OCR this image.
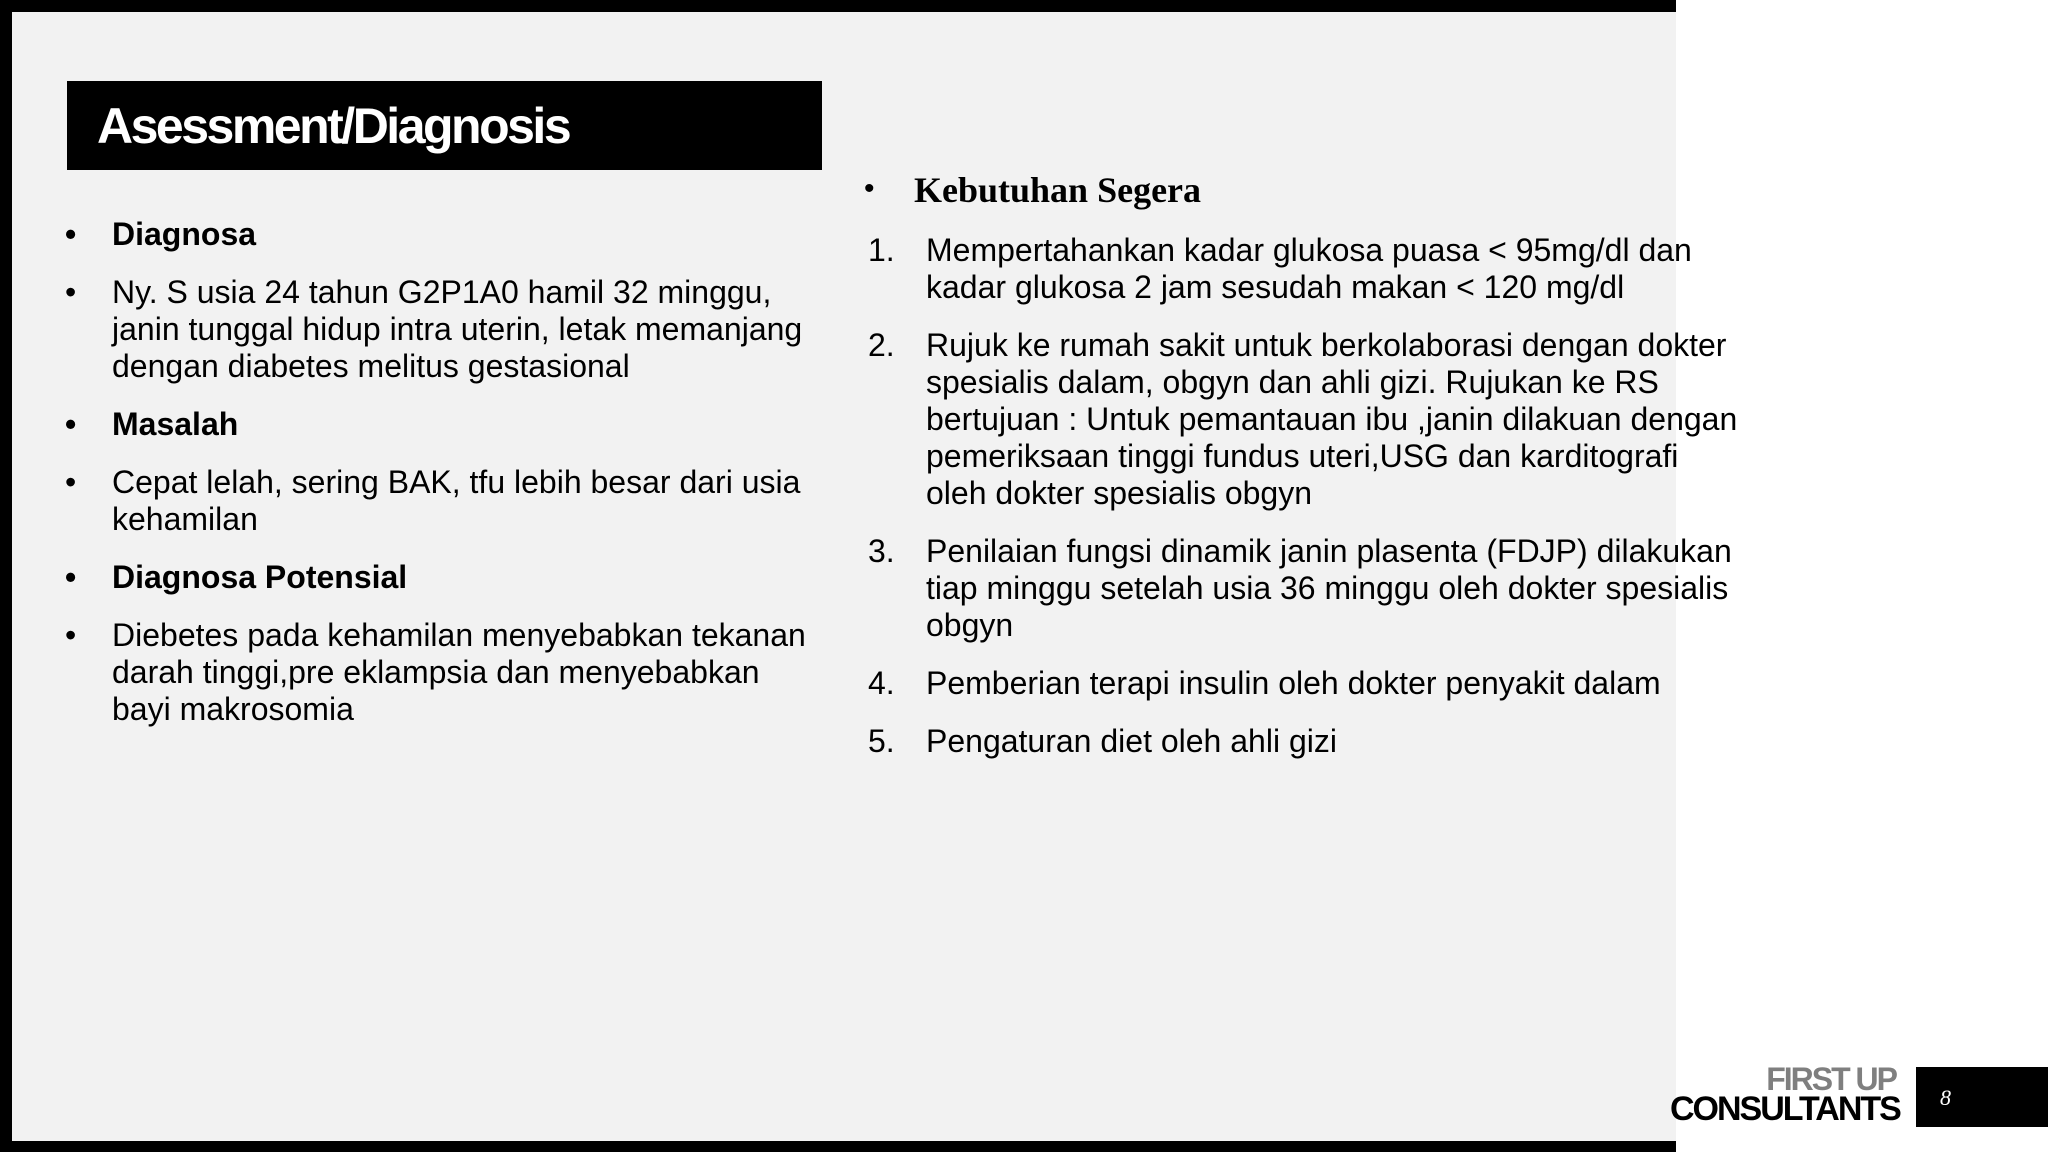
Asessment/Diagnosis
• Diagnosa
• Ny. S usia 24 tahun G2P1A0 hamil 32 minggu, janin tunggal hidup intra uterin, letak memanjang dengan diabetes melitus gestasional
• Masalah
• Cepat lelah, sering BAK, tfu lebih besar dari usia kehamilan
• Diagnosa Potensial
• Diebetes pada kehamilan menyebabkan tekanan darah tinggi,pre eklampsia dan menyebabkan bayi makrosomia
• Kebutuhan Segera
1. Mempertahankan kadar glukosa puasa < 95mg/dl dan kadar glukosa 2 jam sesudah makan < 120 mg/dl
2. Rujuk ke rumah sakit untuk berkolaborasi dengan dokter spesialis dalam, obgyn dan ahli gizi. Rujukan ke RS bertujuan : Untuk pemantauan ibu ,janin dilakuan dengan pemeriksaan tinggi fundus uteri,USG dan karditografi oleh dokter spesialis obgyn
3. Penilaian fungsi dinamik janin plasenta (FDJP) dilakukan tiap minggu setelah usia 36 minggu oleh dokter spesialis obgyn
4. Pemberian terapi insulin oleh dokter penyakit dalam
5. Pengaturan diet oleh ahli gizi
FIRST UP
CONSULTANTS 8
